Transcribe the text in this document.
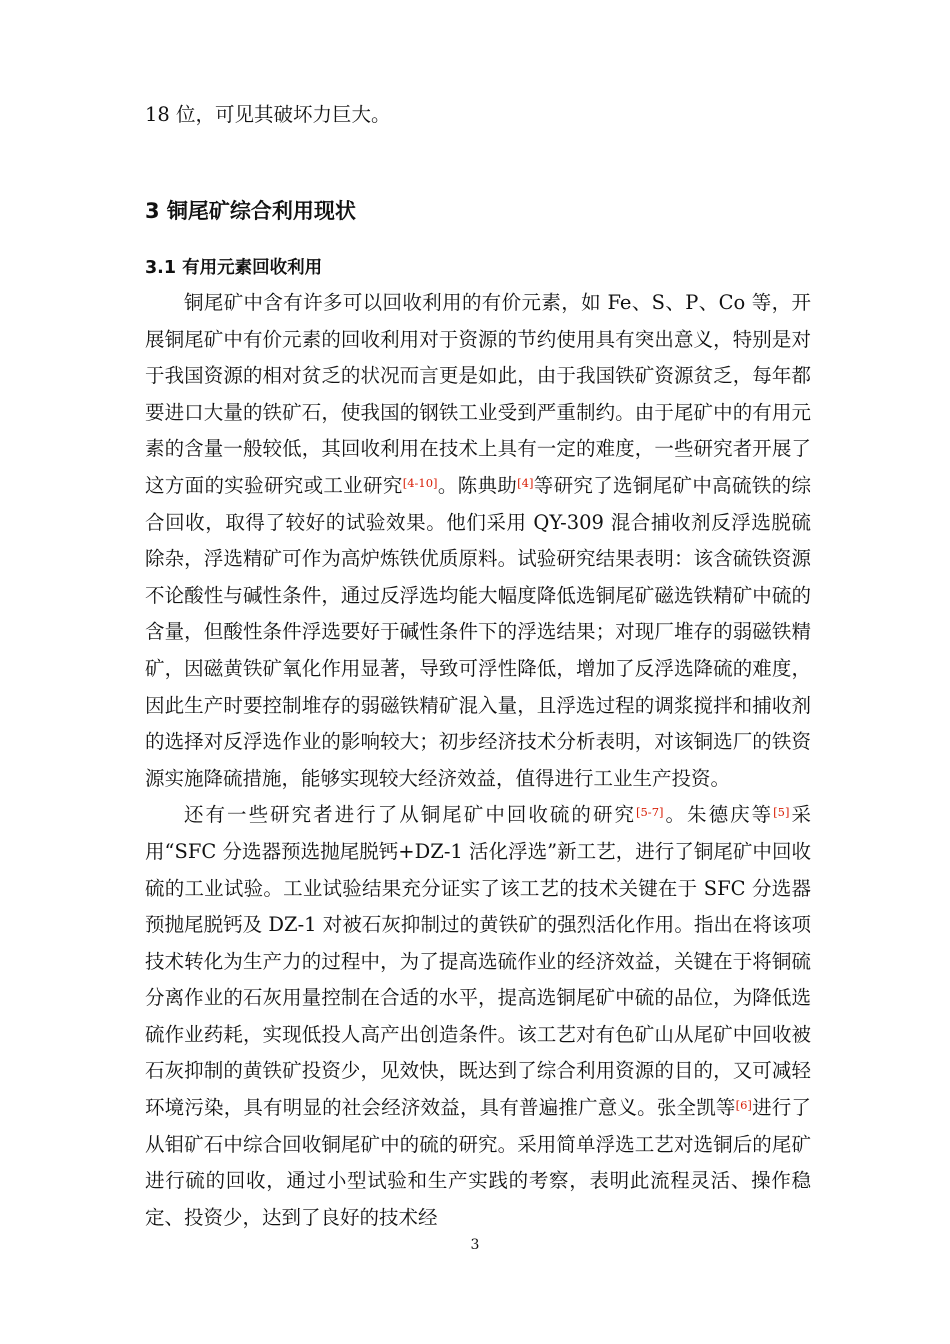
18 位，可见其破坏力巨大。

3 铜尾矿综合利用现状
3.1 有用元素回收利用

铜尾矿中含有许多可以回收利用的有价元素，如 Fe、S、P、Co 等，开展铜尾矿中有价元素的回收利用对于资源的节约使用具有突出意义，特别是对于我国资源的相对贫乏的状况而言更是如此，由于我国铁矿资源贫乏，每年都要进口大量的铁矿石，使我国的钢铁工业受到严重制约。由于尾矿中的有用元素的含量一般较低，其回收利用在技术上具有一定的难度，一些研究者开展了这方面的实验研究或工业研究[4-10]。陈典助[4]等研究了选铜尾矿中高硫铁的综合回收，取得了较好的试验效果。他们采用 QY-309 混合捕收剂反浮选脱硫除杂，浮选精矿可作为高炉炼铁优质原料。试验研究结果表明：该含硫铁资源不论酸性与碱性条件，通过反浮选均能大幅度降低选铜尾矿磁选铁精矿中硫的含量，但酸性条件浮选要好于碱性条件下的浮选结果；对现厂堆存的弱磁铁精矿，因磁黄铁矿氧化作用显著，导致可浮性降低，增加了反浮选降硫的难度，因此生产时要控制堆存的弱磁铁精矿混入量，且浮选过程的调浆搅拌和捕收剂的选择对反浮选作业的影响较大；初步经济技术分析表明，对该铜选厂的铁资源实施降硫措施，能够实现较大经济效益，值得进行工业生产投资。

还有一些研究者进行了从铜尾矿中回收硫的研究[5-7]。朱德庆等[5]采用“SFC 分选器预选抛尾脱钙+DZ-1 活化浮选”新工艺，进行了铜尾矿中回收硫的工业试验。工业试验结果充分证实了该工艺的技术关键在于 SFC 分选器预抛尾脱钙及 DZ-1 对被石灰抑制过的黄铁矿的强烈活化作用。指出在将该项技术转化为生产力的过程中，为了提高选硫作业的经济效益，关键在于将铜硫分离作业的石灰用量控制在合适的水平，提高选铜尾矿中硫的品位，为降低选硫作业药耗，实现低投人高产出创造条件。该工艺对有色矿山从尾矿中回收被石灰抑制的黄铁矿投资少，见效快，既达到了综合利用资源的目的，又可减轻环境污染，具有明显的社会经济效益，具有普遍推广意义。张全凯等[6]进行了从钼矿石中综合回收铜尾矿中的硫的研究。采用简单浮选工艺对选铜后的尾矿进行硫的回收，通过小型试验和生产实践的考察，表明此流程灵活、操作稳定、投资少，达到了良好的技术经

3
